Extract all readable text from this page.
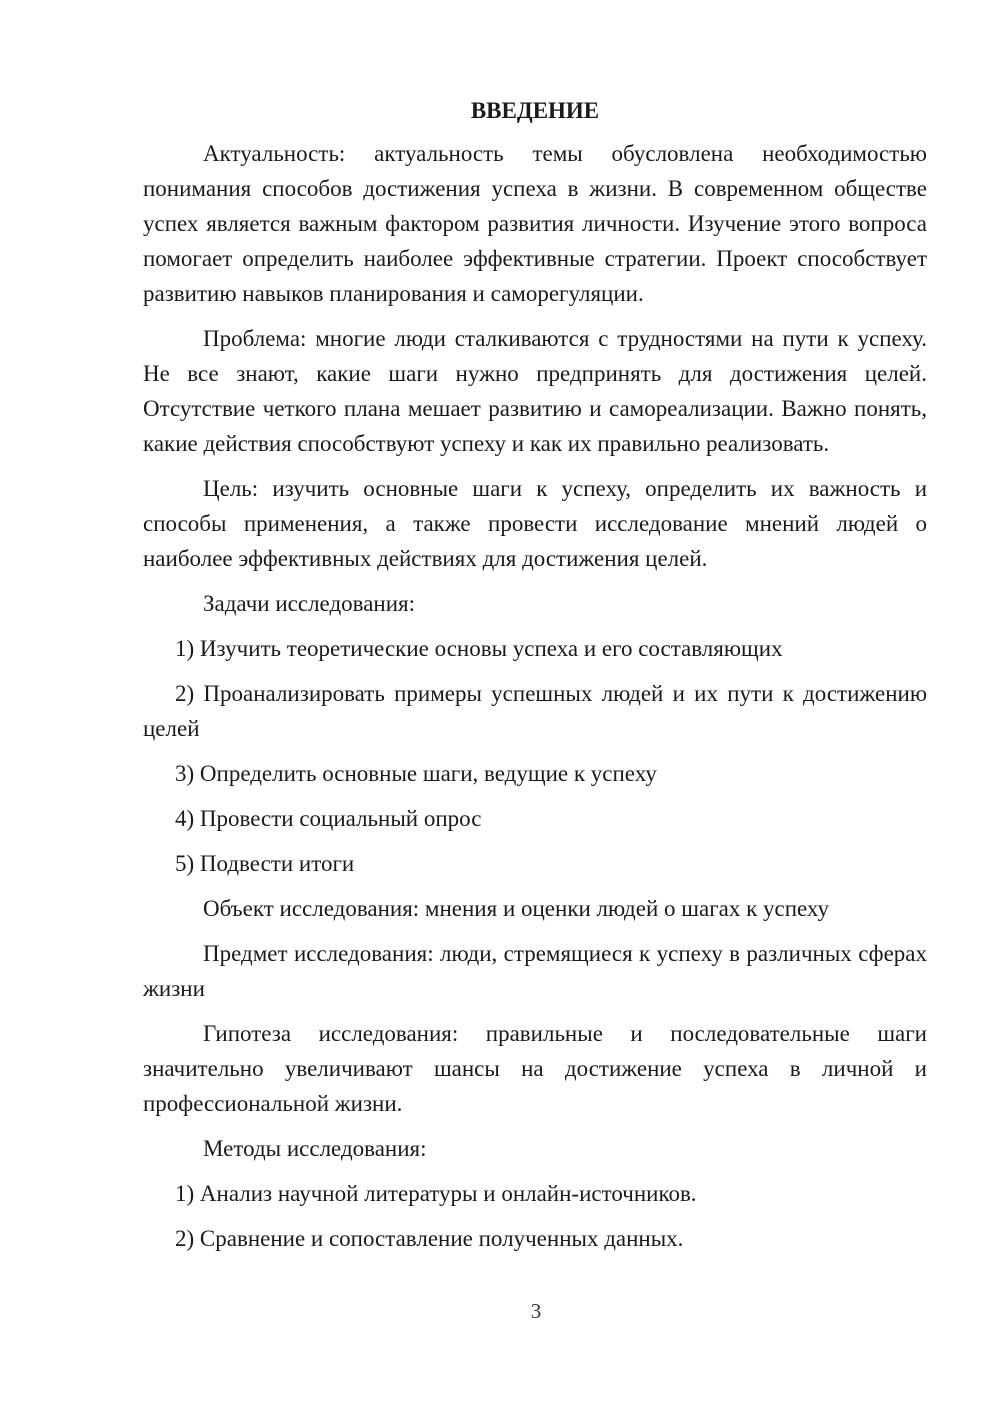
ВВЕДЕНИЕ

Актуальность: актуальность темы обусловлена необходимостью понимания способов достижения успеха в жизни. В современном обществе успех является важным фактором развития личности. Изучение этого вопроса помогает определить наиболее эффективные стратегии. Проект способствует развитию навыков планирования и саморегуляции.

Проблема: многие люди сталкиваются с трудностями на пути к успеху. Не все знают, какие шаги нужно предпринять для достижения целей. Отсутствие четкого плана мешает развитию и самореализации. Важно понять, какие действия способствуют успеху и как их правильно реализовать.

Цель: изучить основные шаги к успеху, определить их важность и способы применения, а также провести исследование мнений людей о наиболее эффективных действиях для достижения целей.

Задачи исследования:

1) Изучить теоретические основы успеха и его составляющих

2) Проанализировать примеры успешных людей и их пути к достижению целей

3) Определить основные шаги, ведущие к успеху

4) Провести социальный опрос

5) Подвести итоги

Объект исследования: мнения и оценки людей о шагах к успеху

Предмет исследования: люди, стремящиеся к успеху в различных сферах жизни

Гипотеза исследования: правильные и последовательные шаги значительно увеличивают шансы на достижение успеха в личной и профессиональной жизни.

Методы исследования:

1) Анализ научной литературы и онлайн-источников.

2) Сравнение и сопоставление полученных данных.

3
